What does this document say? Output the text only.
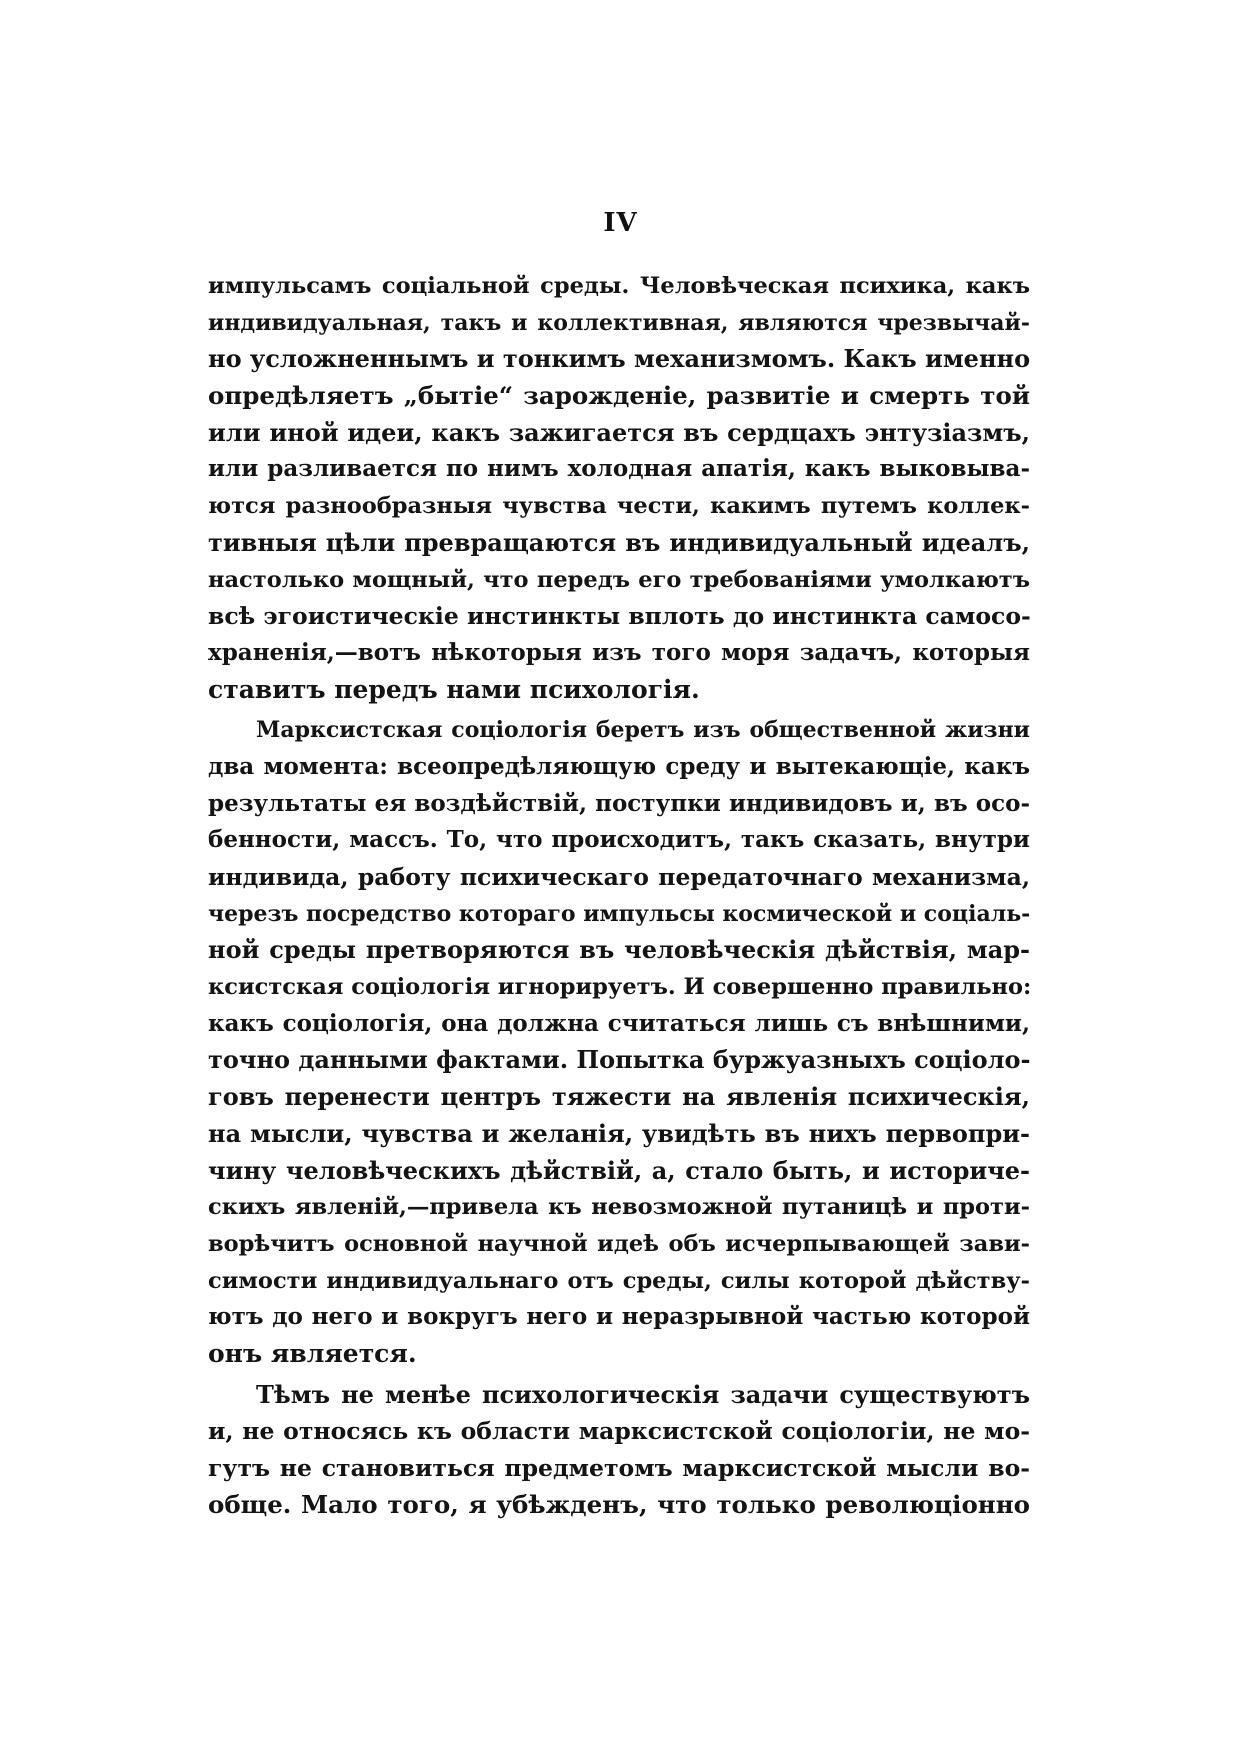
IV
импульсамъ соціальной среды. Человѣческая психика, какъ
индивидуальная, такъ и коллективная, являются чрезвычай-
но усложненнымъ и тонкимъ механизмомъ. Какъ именно
опредѣляетъ „бытіе“ зарожденіе, развитіе и смерть той
или иной идеи, какъ зажигается въ сердцахъ энтузіазмъ,
или разливается по нимъ холодная апатія, какъ выковыва-
ются разнообразныя чувства чести, какимъ путемъ коллек-
тивныя цѣли превращаются въ индивидуальный идеалъ,
настолько мощный, что передъ его требованіями умолкаютъ
всѣ эгоистическіе инстинкты вплоть до инстинкта самосо-
храненія,—вотъ нѣкоторыя изъ того моря задачъ, которыя
ставитъ передъ нами психологія.
Марксистская соціологія беретъ изъ общественной жизни
два момента: всеопредѣляющую среду и вытекающіе, какъ
результаты ея воздѣйствій, поступки индивидовъ и, въ осо-
бенности, массъ. То, что происходитъ, такъ сказать, внутри
индивида, работу психическаго передаточнаго механизма,
черезъ посредство котораго импульсы космической и соціаль-
ной среды претворяются въ человѣческія дѣйствія, мар-
ксистская соціологія игнорируетъ. И совершенно правильно:
какъ соціологія, она должна считаться лишь съ внѣшними,
точно данными фактами. Попытка буржуазныхъ соціоло-
говъ перенести центръ тяжести на явленія психическія,
на мысли, чувства и желанія, увидѣть въ нихъ первопри-
чину человѣческихъ дѣйствій, а, стало быть, и историче-
скихъ явленій,—привела къ невозможной путаницѣ и проти-
ворѣчитъ основной научной идеѣ объ исчерпывающей зави-
симости индивидуальнаго отъ среды, силы которой дѣйству-
ютъ до него и вокругъ него и неразрывной частью которой
онъ является.
Тѣмъ не менѣе психологическія задачи существуютъ
и, не относясь къ области марксистской соціологіи, не мо-
гутъ не становиться предметомъ марксистской мысли во-
обще. Мало того, я убѣжденъ, что только революціонно
